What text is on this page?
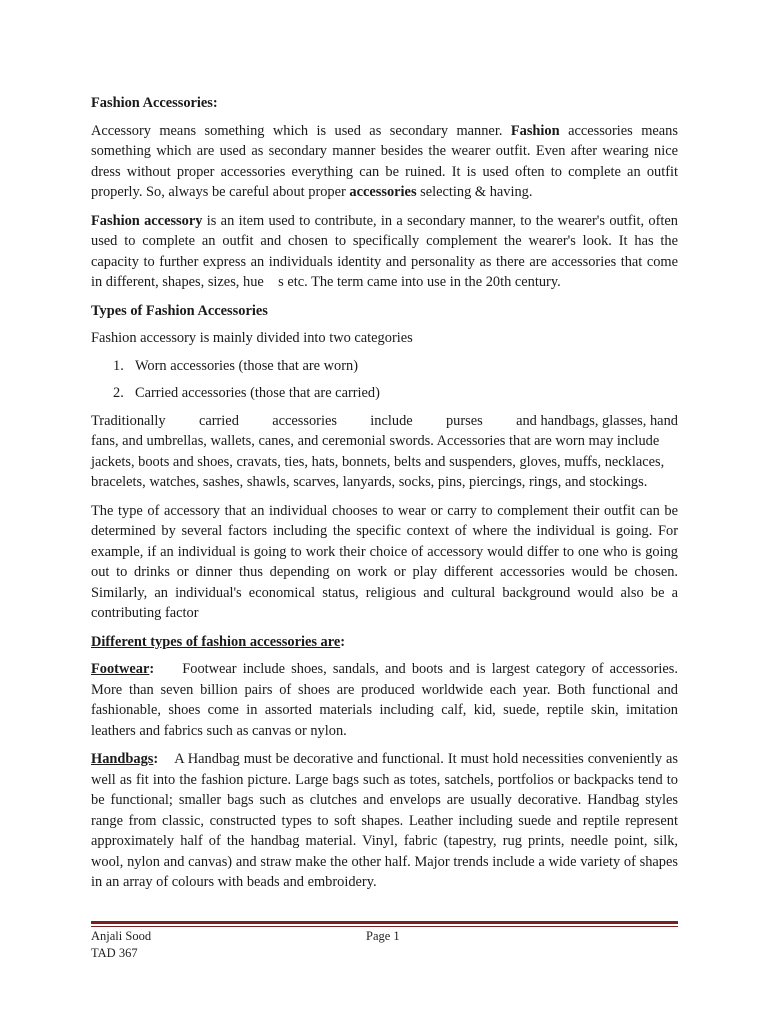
Fashion Accessories:

Accessory means something which is used as secondary manner. Fashion accessories means something which are used as secondary manner besides the wearer outfit. Even after wearing nice dress without proper accessories everything can be ruined. It is used often to complete an outfit properly. So, always be careful about proper accessories selecting & having.

Fashion accessory is an item used to contribute, in a secondary manner, to the wearer's outfit, often used to complete an outfit and chosen to specifically complement the wearer's look. It has the capacity to further express an individuals identity and personality as there are accessories that come in different, shapes, sizes, hue    s etc. The term came into use in the 20th century.

Types of Fashion Accessories

Fashion accessory is mainly divided into two categories

1. Worn accessories (those that are worn)
2. Carried accessories (those that are carried)
Traditionally carried accessories include purses and handbags, glasses, hand
fans, and umbrellas, wallets, canes, and ceremonial swords. Accessories that are worn may include jackets, boots and shoes, cravats, ties, hats, bonnets, belts and suspenders, gloves, muffs, necklaces, bracelets, watches, sashes, shawls, scarves, lanyards, socks, pins, piercings, rings, and stockings.

The type of accessory that an individual chooses to wear or carry to complement their outfit can be determined by several factors including the specific context of where the individual is going. For example, if an individual is going to work their choice of accessory would differ to one who is going out to drinks or dinner thus depending on work or play different accessories would be chosen. Similarly, an individual's economical status, religious and cultural background would also be a contributing factor

Different types of fashion accessories are:

Footwear: Footwear include shoes, sandals, and boots and is largest category of accessories. More than seven billion pairs of shoes are produced worldwide each year. Both functional and fashionable, shoes come in assorted materials including calf, kid, suede, reptile skin, imitation leathers and fabrics such as canvas or nylon.

Handbags: A Handbag must be decorative and functional. It must hold necessities conveniently as well as fit into the fashion picture. Large bags such as totes, satchels, portfolios or backpacks tend to be functional; smaller bags such as clutches and envelops are usually decorative. Handbag styles range from classic, constructed types to soft shapes. Leather including suede and reptile represent approximately half of the handbag material. Vinyl, fabric (tapestry, rug prints, needle point, silk, wool, nylon and canvas) and straw make the other half. Major trends include a wide variety of shapes in an array of colours with beads and embroidery.

Anjali Sood	Page 1
TAD 367
